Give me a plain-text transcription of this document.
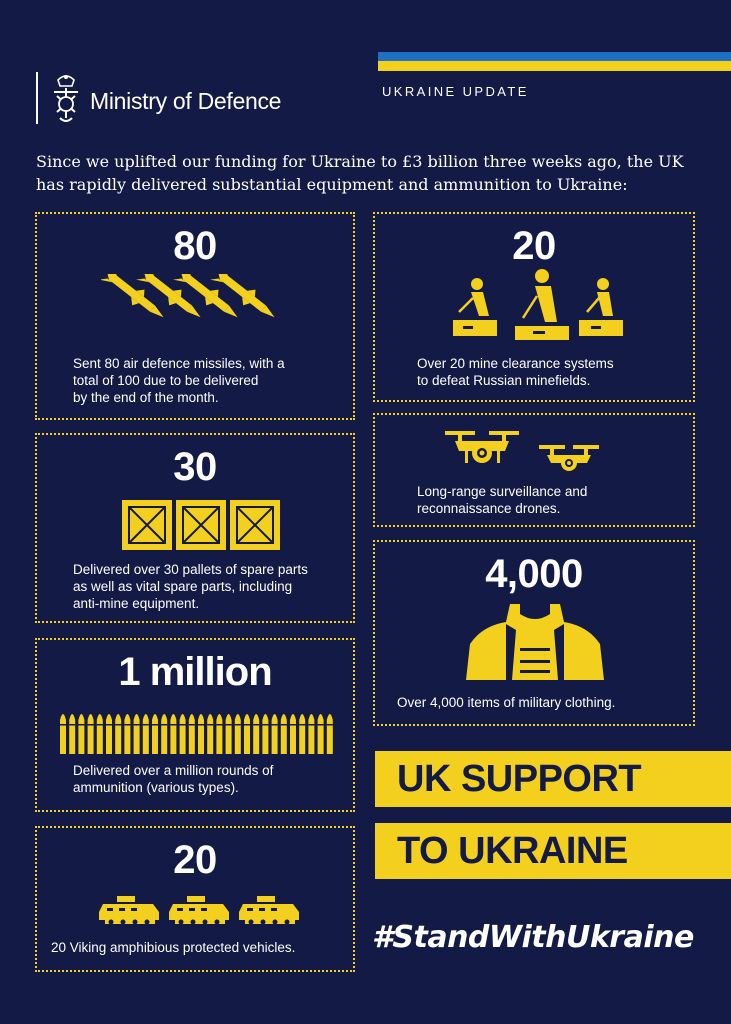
Ministry of Defence	UKRAINE UPDATE
Since we uplifted our funding for Ukraine to £3 billion three weeks ago, the UK has rapidly delivered substantial equipment and ammunition to Ukraine:
80
Sent 80 air defence missiles, with a
total of 100 due to be delivered
by the end of the month.
30
Delivered over 30 pallets of spare parts
as well as vital spare parts, including
anti-mine equipment.
1 million
Delivered over a million rounds of
ammunition (various types).
20
20 Viking amphibious protected vehicles.
20
Over 20 mine clearance systems
to defeat Russian minefields.
Long-range surveillance and
reconnaissance drones.
4,000
Over 4,000 items of military clothing.
UK SUPPORT
TO UKRAINE
#StandWithUkraine
